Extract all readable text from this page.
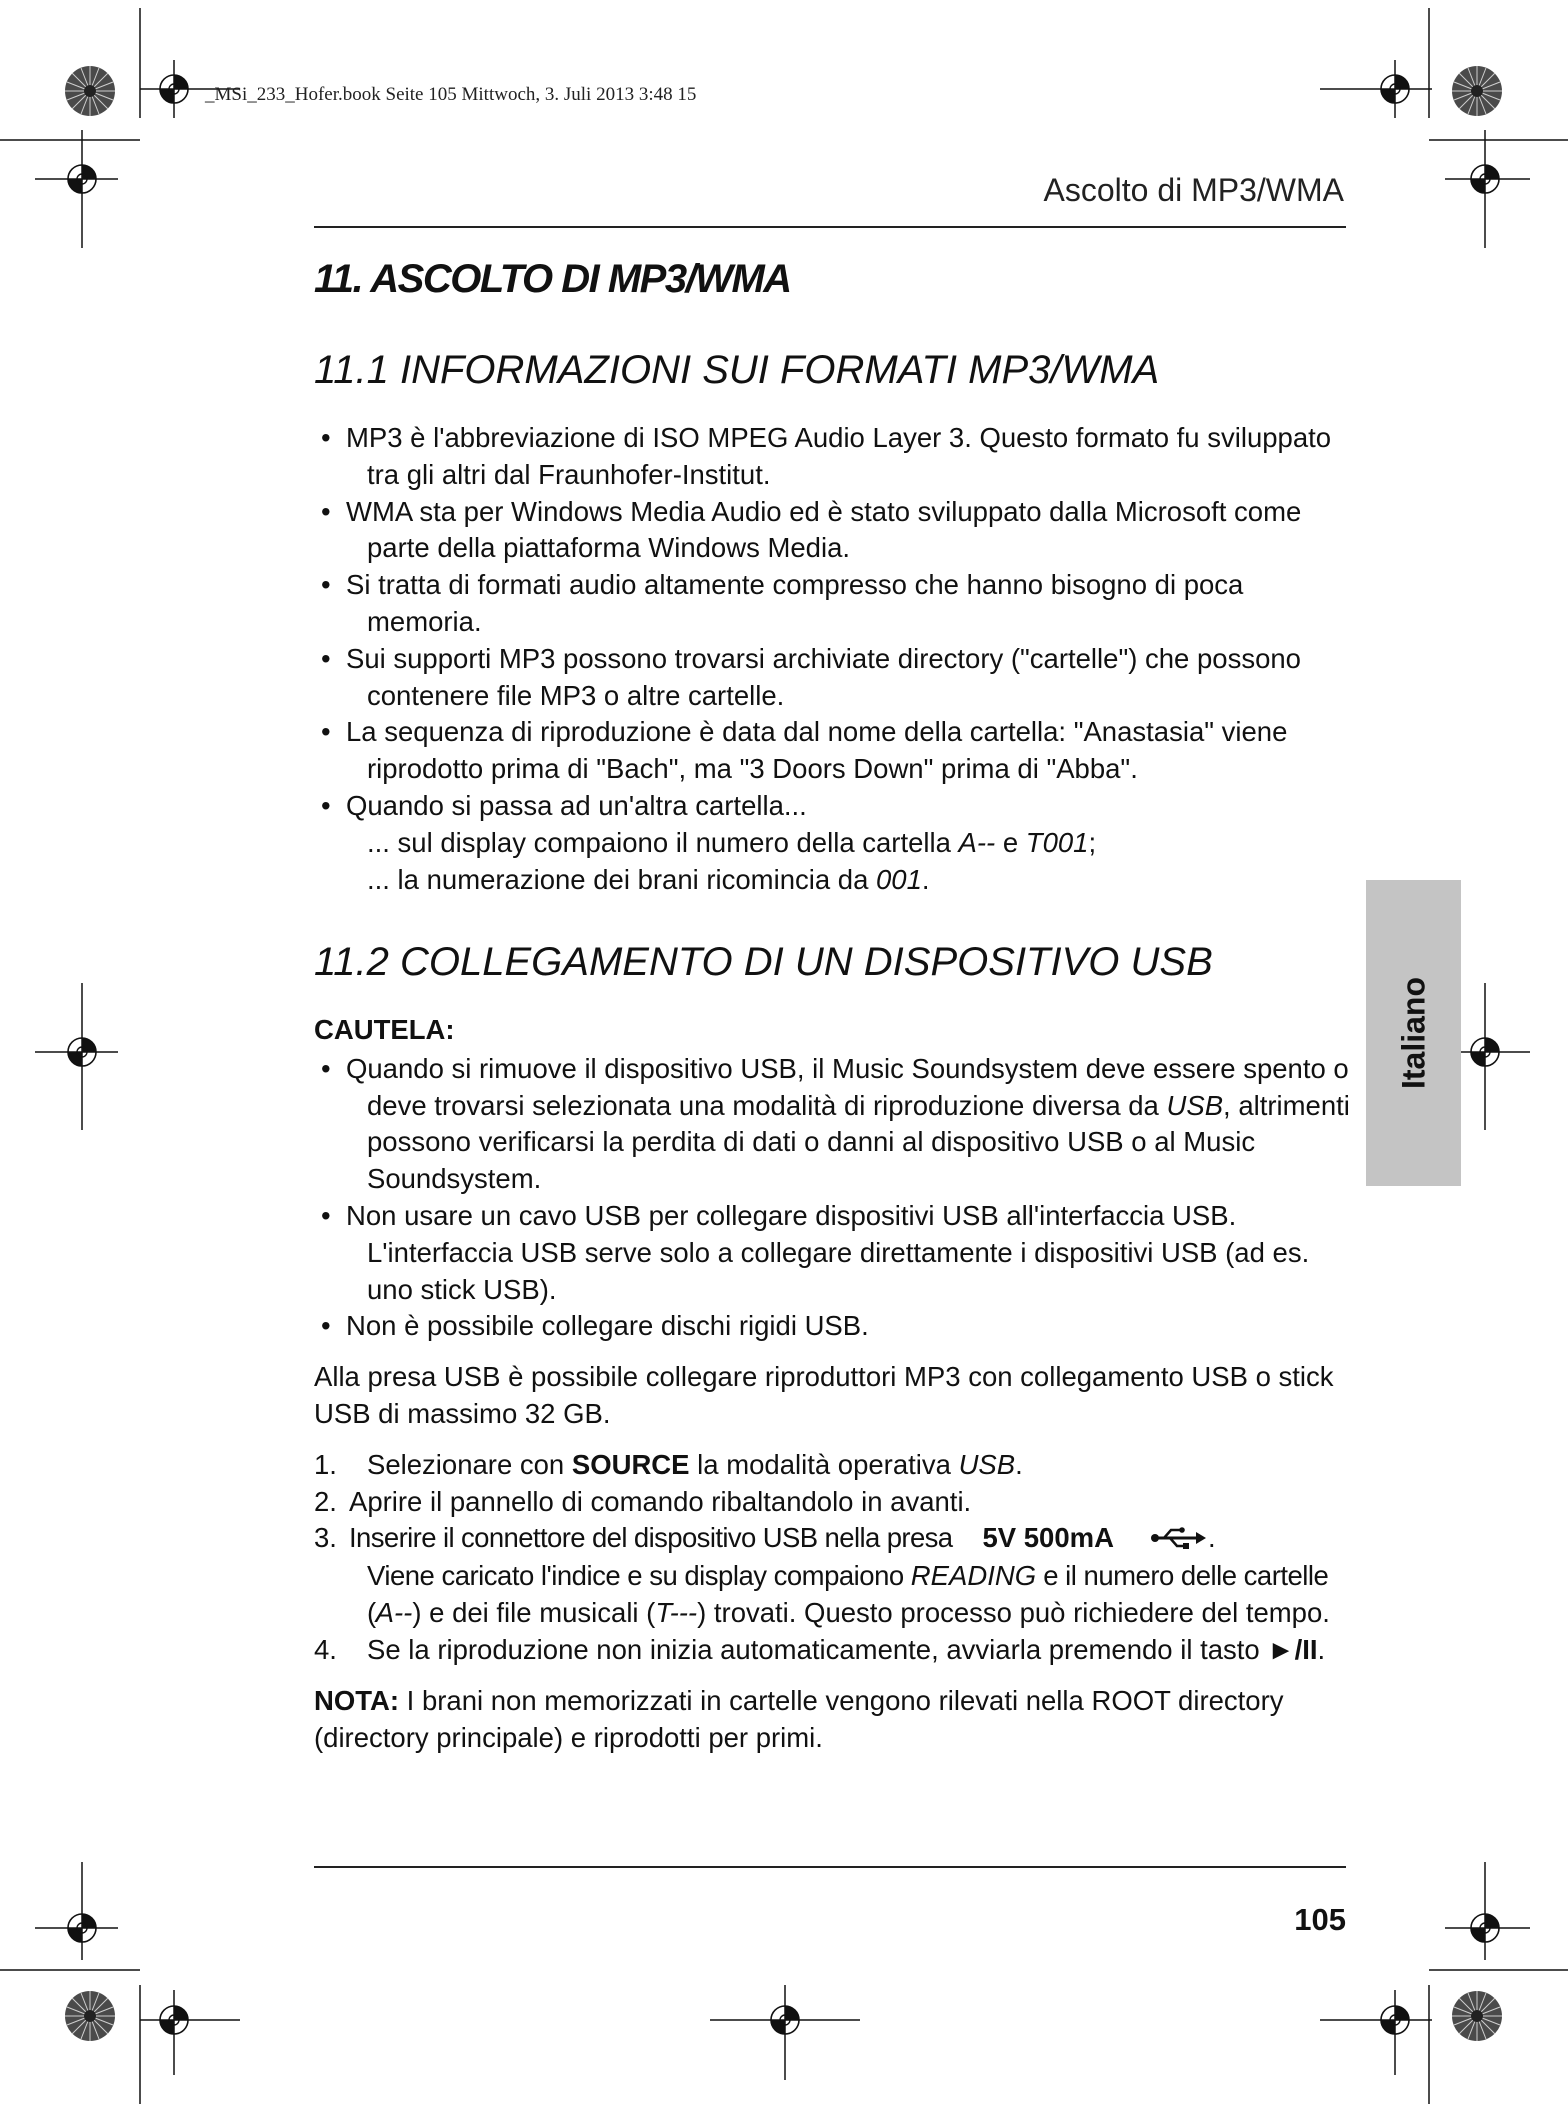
_MSi_233_Hofer.book Seite 105 Mittwoch, 3. Juli 2013 3:48 15
Ascolto di MP3/WMA
11. ASCOLTO DI MP3/WMA
11.1 INFORMAZIONI SUI FORMATI MP3/WMA
• MP3 è l'abbreviazione di ISO MPEG Audio Layer 3. Questo formato fu sviluppato tra gli altri dal Fraunhofer-Institut.
• WMA sta per Windows Media Audio ed è stato sviluppato dalla Microsoft come parte della piattaforma Windows Media.
• Si tratta di formati audio altamente compresso che hanno bisogno di poca memoria.
• Sui supporti MP3 possono trovarsi archiviate directory ("cartelle") che possono contenere file MP3 o altre cartelle.
• La sequenza di riproduzione è data dal nome della cartella: "Anastasia" viene riprodotto prima di "Bach", ma "3 Doors Down" prima di "Abba".
• Quando si passa ad un'altra cartella...

... sul display compaiono il numero della cartella A-- e T001;

... la numerazione dei brani ricomincia da 001.

11.2 COLLEGAMENTO DI UN DISPOSITIVO USB

CAUTELA:

• Quando si rimuove il dispositivo USB, il Music Soundsystem deve essere spento o deve trovarsi selezionata una modalità di riproduzione diversa da USB, altrimenti possono verificarsi la perdita di dati o danni al dispositivo USB o al Music Soundsystem.
• Non usare un cavo USB per collegare dispositivi USB all'interfaccia USB. L'interfaccia USB serve solo a collegare direttamente i dispositivi USB (ad es. uno stick USB).
• Non è possibile collegare dischi rigidi USB.

Alla presa USB è possibile collegare riproduttori MP3 con collegamento USB o stick USB di massimo 32 GB.

1. Selezionare con SOURCE la modalità operativa USB.
2. Aprire il pannello di comando ribaltandolo in avanti.
3. Inserire il connettore del dispositivo USB nella presa 5V 500mA	.
Viene caricato l'indice e su display compaiono READING e il numero delle cartelle (A--) e dei file musicali (T---) trovati. Questo processo può richiedere del tempo.
4. Se la riproduzione non inizia automaticamente, avviarla premendo il tasto ►/II.

NOTA: I brani non memorizzati in cartelle vengono rilevati nella ROOT directory (directory principale) e riprodotti per primi.

Italiano
105
